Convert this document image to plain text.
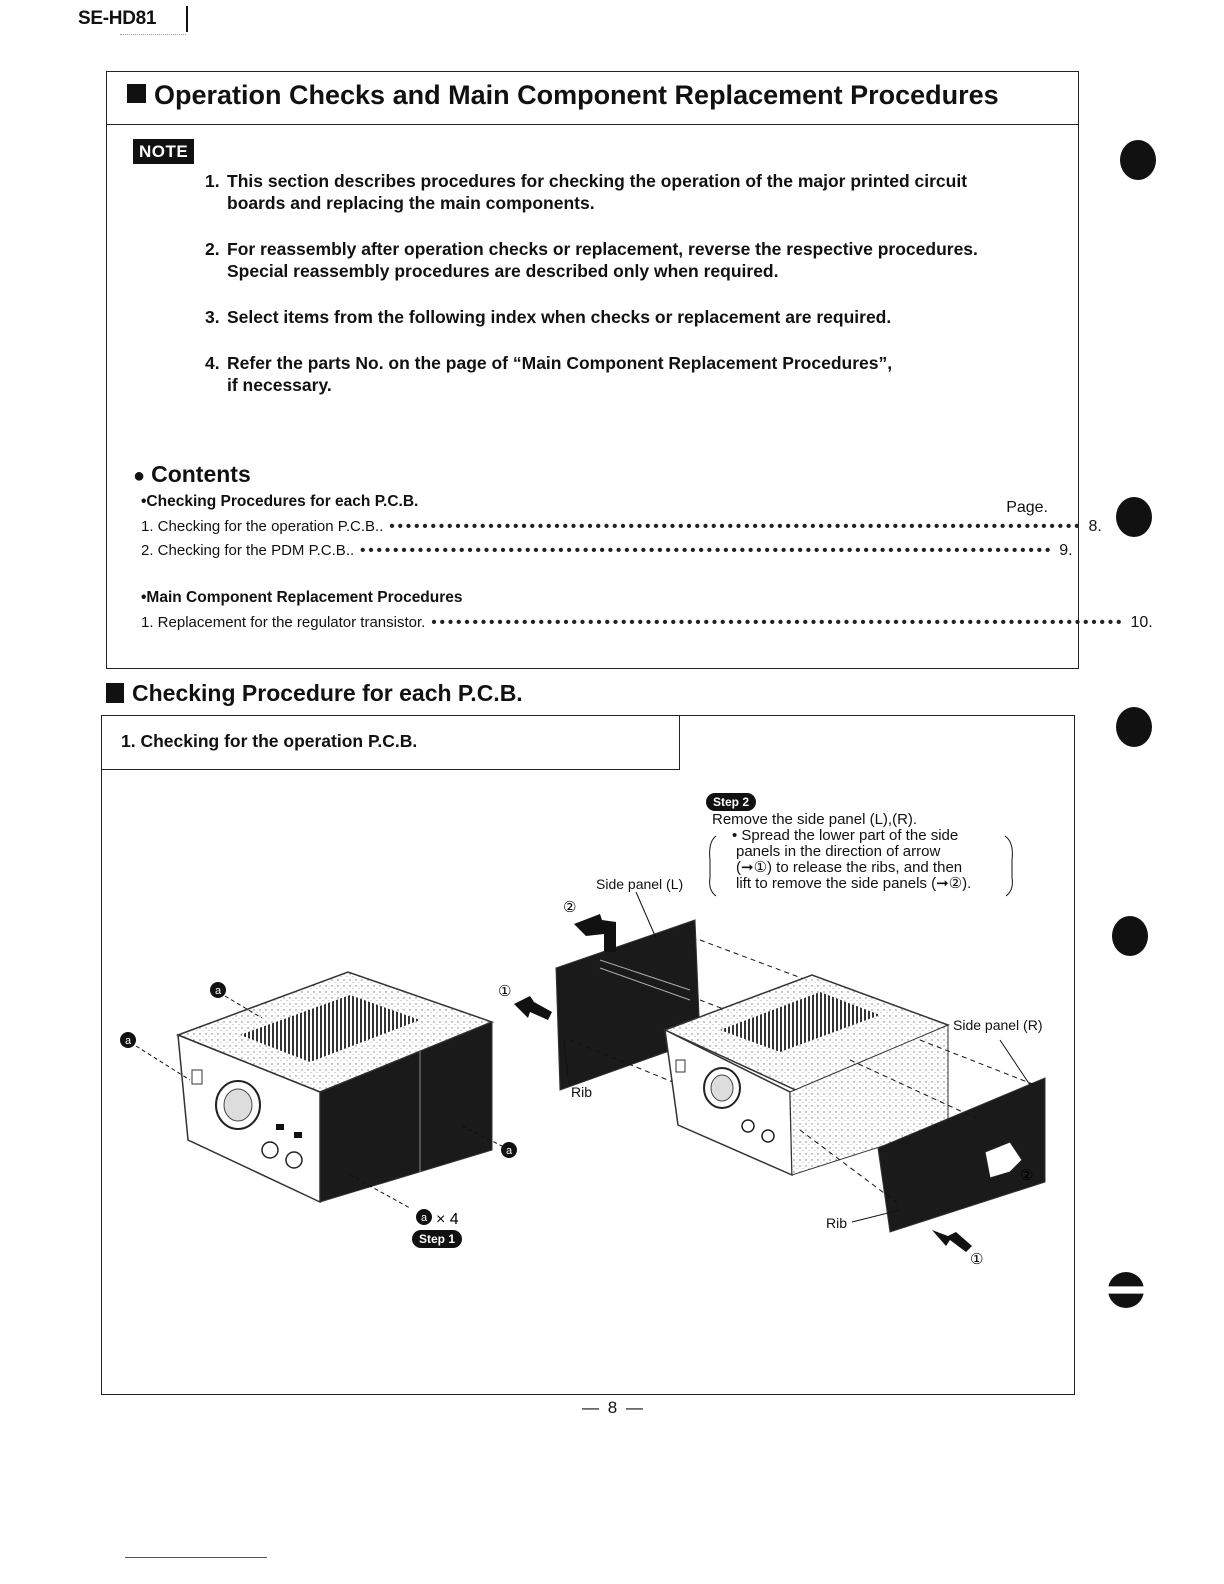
SE-HD81
Operation Checks and Main Component Replacement Procedures
NOTE
1. This section describes procedures for checking the operation of the major printed circuit
boards and replacing the main components.
2. For reassembly after operation checks or replacement, reverse the respective procedures.
Special reassembly procedures are described only when required.
3. Select items from the following index when checks or replacement are required.
4. Refer the parts No. on the page of “Main Component Replacement Procedures”,
if necessary.
● Contents
•Checking Procedures for each P.C.B.	Page.
1. Checking for the operation P.C.B.. •••••••••••••••••••••••••••••••••••••••••••••••••••••••••••••••••••••••••••••••••••• 8.
2. Checking for the PDM P.C.B.. •••••••••••••••••••••••••••••••••••••••••••••••••••••••••••••••••••••••••••••••••••• 9.
•Main Component Replacement Procedures
1. Replacement for the regulator transistor. •••••••••••••••••••••••••••••••••••••••••••••••••••••••••••••••••••••••••••••••••••• 10.
Checking Procedure for each P.C.B.
1. Checking for the operation P.C.B.
a
a
a
a × 4
②
①
②
①
Step 2
Remove the side panel (L),(R).
• Spread the lower part of the side
panels in the direction of arrow
(➞①) to release the ribs, and then
lift to remove the side panels (➞②).
Side panel (L)
Side panel (R)
Rib
Rib
Step 1
— 8 —
